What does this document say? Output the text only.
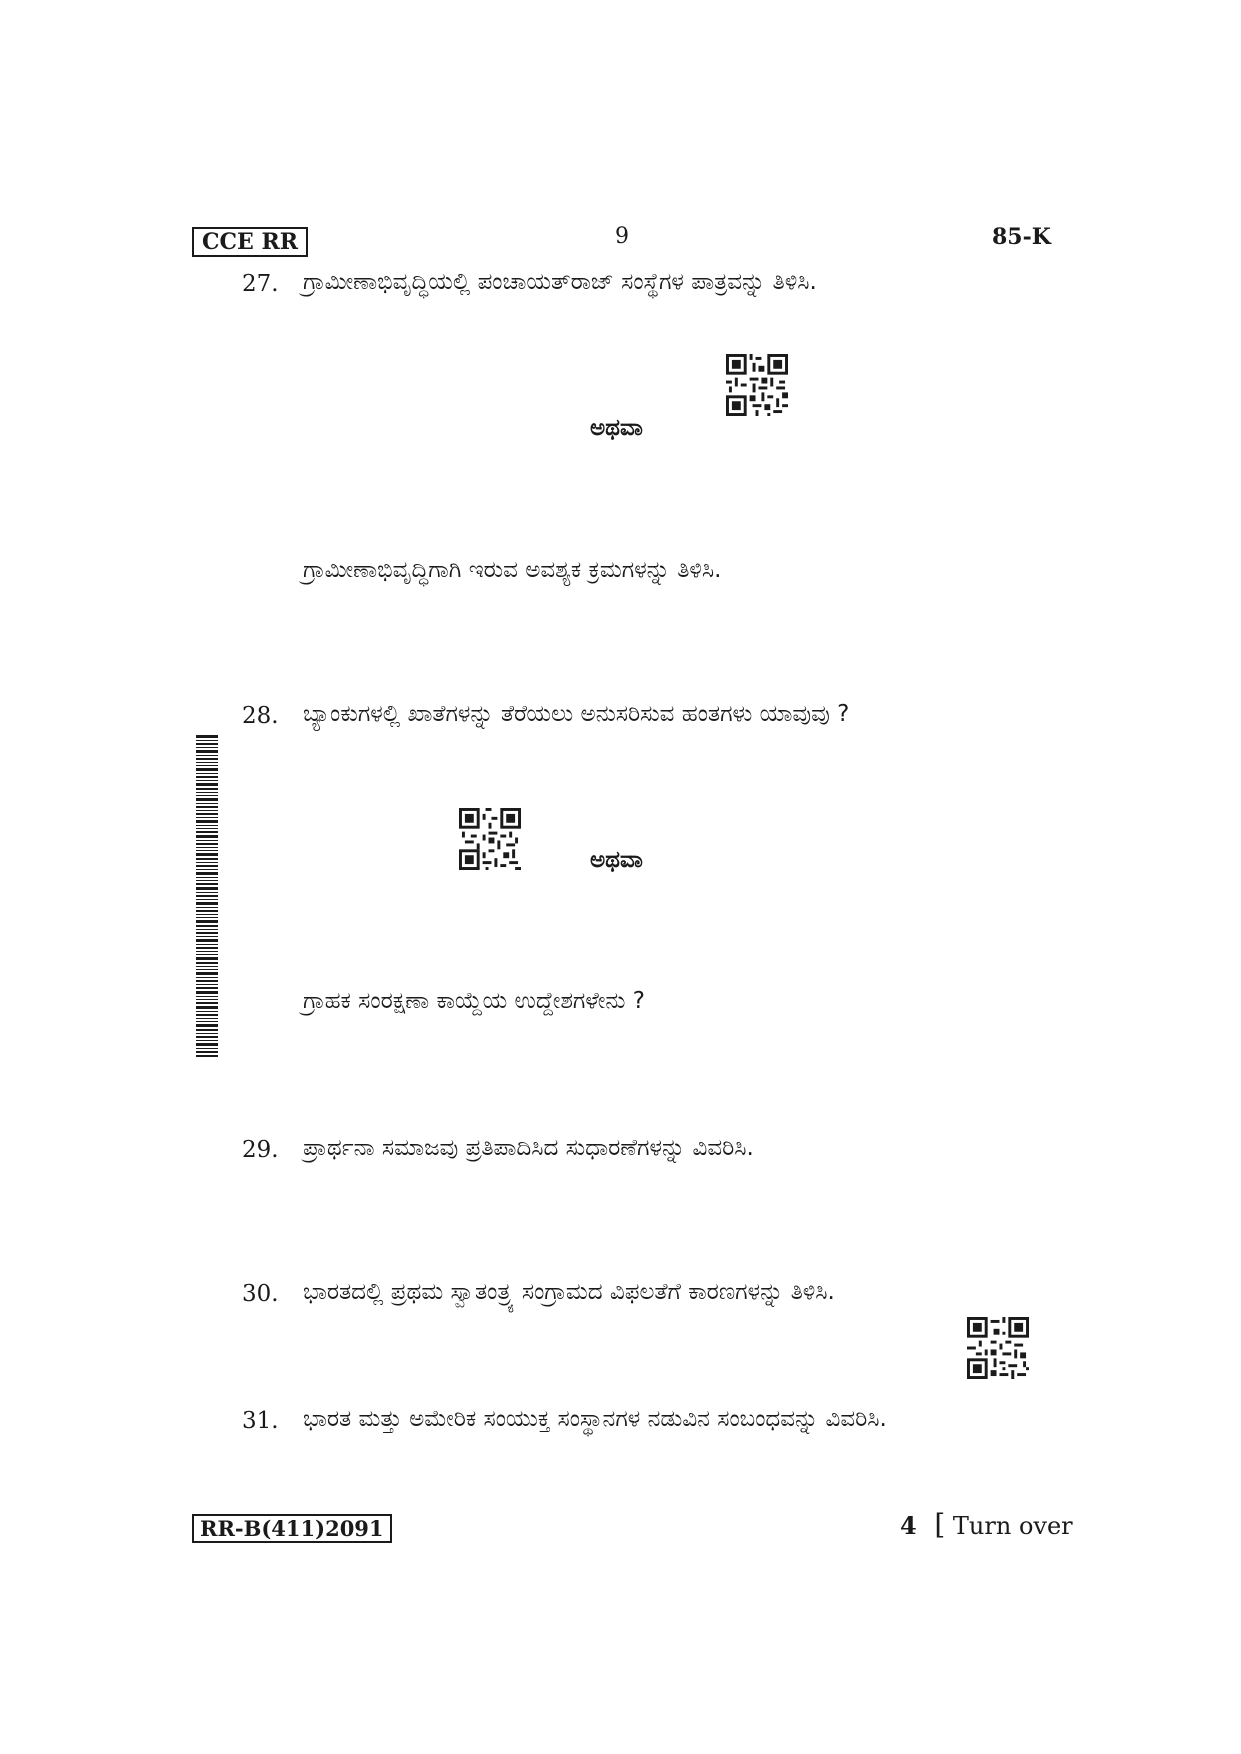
CCE RR	9	85-K
27. ಗ್ರಾಮೀಣಾಭಿವೃದ್ಧಿಯಲ್ಲಿ ಪಂಚಾಯತ್‌ರಾಜ್ ಸಂಸ್ಥೆಗಳ ಪಾತ್ರವನ್ನು ತಿಳಿಸಿ.
ಅಥವಾ
ಗ್ರಾಮೀಣಾಭಿವೃದ್ಧಿಗಾಗಿ ಇರುವ ಅವಶ್ಯಕ ಕ್ರಮಗಳನ್ನು ತಿಳಿಸಿ.
28. ಬ್ಯಾಂಕುಗಳಲ್ಲಿ ಖಾತೆಗಳನ್ನು ತೆರೆಯಲು ಅನುಸರಿಸುವ ಹಂತಗಳು ಯಾವುವು ?
ಅಥವಾ
ಗ್ರಾಹಕ ಸಂರಕ್ಷಣಾ ಕಾಯ್ದೆಯ ಉದ್ದೇಶಗಳೇನು ?
29. ಪ್ರಾರ್ಥನಾ ಸಮಾಜವು ಪ್ರತಿಪಾದಿಸಿದ ಸುಧಾರಣೆಗಳನ್ನು ವಿವರಿಸಿ.
30. ಭಾರತದಲ್ಲಿ ಪ್ರಥಮ ಸ್ವಾತಂತ್ರ್ಯ ಸಂಗ್ರಾಮದ ವಿಫಲತೆಗೆ ಕಾರಣಗಳನ್ನು ತಿಳಿಸಿ.
31. ಭಾರತ ಮತ್ತು ಅಮೇರಿಕ ಸಂಯುಕ್ತ ಸಂಸ್ಥಾನಗಳ ನಡುವಿನ ಸಂಬಂಧವನ್ನು ವಿವರಿಸಿ.
RR-B(411)2091	4 [ Turn over
